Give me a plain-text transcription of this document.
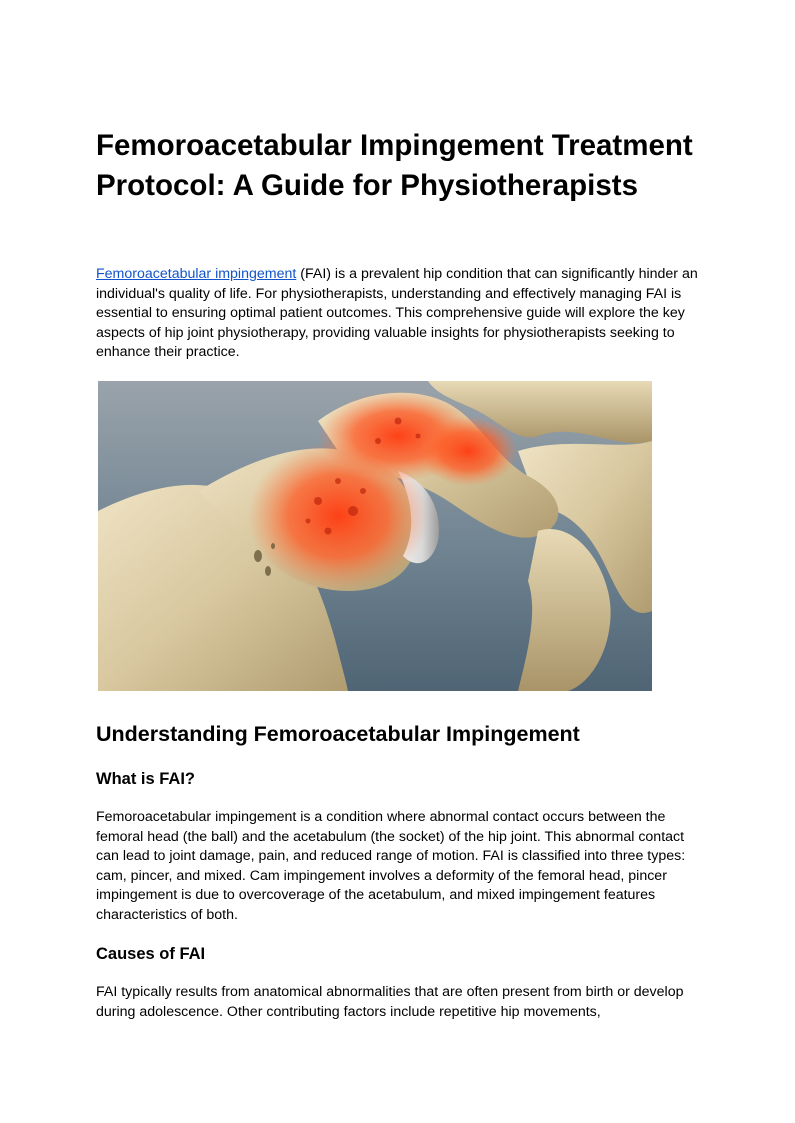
Femoroacetabular Impingement Treatment Protocol: A Guide for Physiotherapists

Femoroacetabular impingement (FAI) is a prevalent hip condition that can significantly hinder an individual's quality of life. For physiotherapists, understanding and effectively managing FAI is essential to ensuring optimal patient outcomes. This comprehensive guide will explore the key aspects of hip joint physiotherapy, providing valuable insights for physiotherapists seeking to enhance their practice.

Understanding Femoroacetabular Impingement
What is FAI?

Femoroacetabular impingement is a condition where abnormal contact occurs between the femoral head (the ball) and the acetabulum (the socket) of the hip joint. This abnormal contact can lead to joint damage, pain, and reduced range of motion. FAI is classified into three types: cam, pincer, and mixed. Cam impingement involves a deformity of the femoral head, pincer impingement is due to overcoverage of the acetabulum, and mixed impingement features characteristics of both.

Causes of FAI

FAI typically results from anatomical abnormalities that are often present from birth or develop during adolescence. Other contributing factors include repetitive hip movements,
